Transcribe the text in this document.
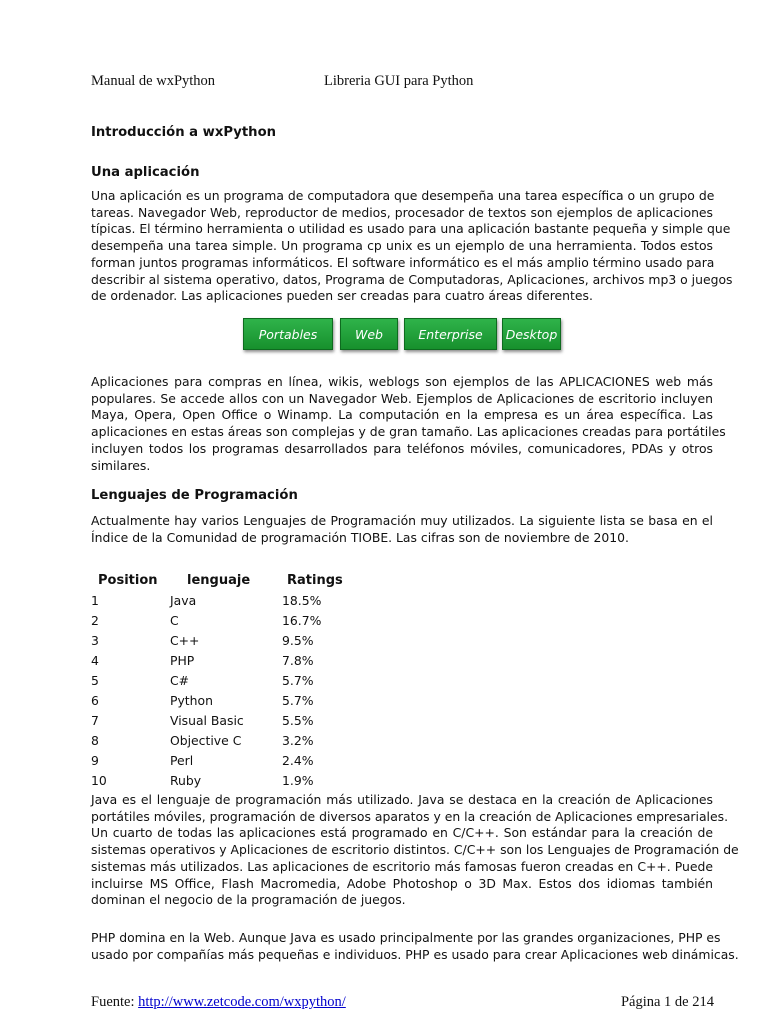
Manual de wxPython	Libreria GUI para Python
Introducción a wxPython
Una aplicación
Una aplicación es un programa de computadora que desempeña una tarea específica o un grupo de
tareas. Navegador Web, reproductor de medios, procesador de textos son ejemplos de aplicaciones
típicas. El término herramienta o utilidad es usado para una aplicación bastante pequeña y simple que
desempeña una tarea simple. Un programa cp unix es un ejemplo de una herramienta. Todos estos
forman juntos programas informáticos. El software informático es el más amplio término usado para
describir al sistema operativo, datos, Programa de Computadoras, Aplicaciones, archivos mp3 o juegos
de ordenador. Las aplicaciones pueden ser creadas para cuatro áreas diferentes.
Portables	Web	Enterprise	Desktop
Aplicaciones para compras en línea, wikis, weblogs son ejemplos de las APLICACIONES web más
populares. Se accede allos con un Navegador Web. Ejemplos de Aplicaciones de escritorio incluyen
Maya, Opera, Open Office o Winamp. La computación en la empresa es un área específica. Las
aplicaciones en estas áreas son complejas y de gran tamaño. Las aplicaciones creadas para portátiles
incluyen todos los programas desarrollados para teléfonos móviles, comunicadores, PDAs y otros
similares.
Lenguajes de Programación
Actualmente hay varios Lenguajes de Programación muy utilizados. La siguiente lista se basa en el
Índice de la Comunidad de programación TIOBE. Las cifras son de noviembre de 2010.
Position	lenguaje	Ratings
1	Java	18.5%
2	C	16.7%
3	C++	9.5%
4	PHP	7.8%
5	C#	5.7%
6	Python	5.7%
7	Visual Basic	5.5%
8	Objective C	3.2%
9	Perl	2.4%
10	Ruby	1.9%
Java es el lenguaje de programación más utilizado. Java se destaca en la creación de Aplicaciones
portátiles móviles, programación de diversos aparatos y en la creación de Aplicaciones empresariales.
Un cuarto de todas las aplicaciones está programado en C/C++. Son estándar para la creación de
sistemas operativos y Aplicaciones de escritorio distintos. C/C++ son los Lenguajes de Programación de
sistemas más utilizados. Las aplicaciones de escritorio más famosas fueron creadas en C++. Puede
incluirse MS Office, Flash Macromedia, Adobe Photoshop o 3D Max. Estos dos idiomas también
dominan el negocio de la programación de juegos.
PHP domina en la Web. Aunque Java es usado principalmente por las grandes organizaciones, PHP es
usado por compañías más pequeñas e individuos. PHP es usado para crear Aplicaciones web dinámicas.
Fuente: http://www.zetcode.com/wxpython/	Página 1 de 214
